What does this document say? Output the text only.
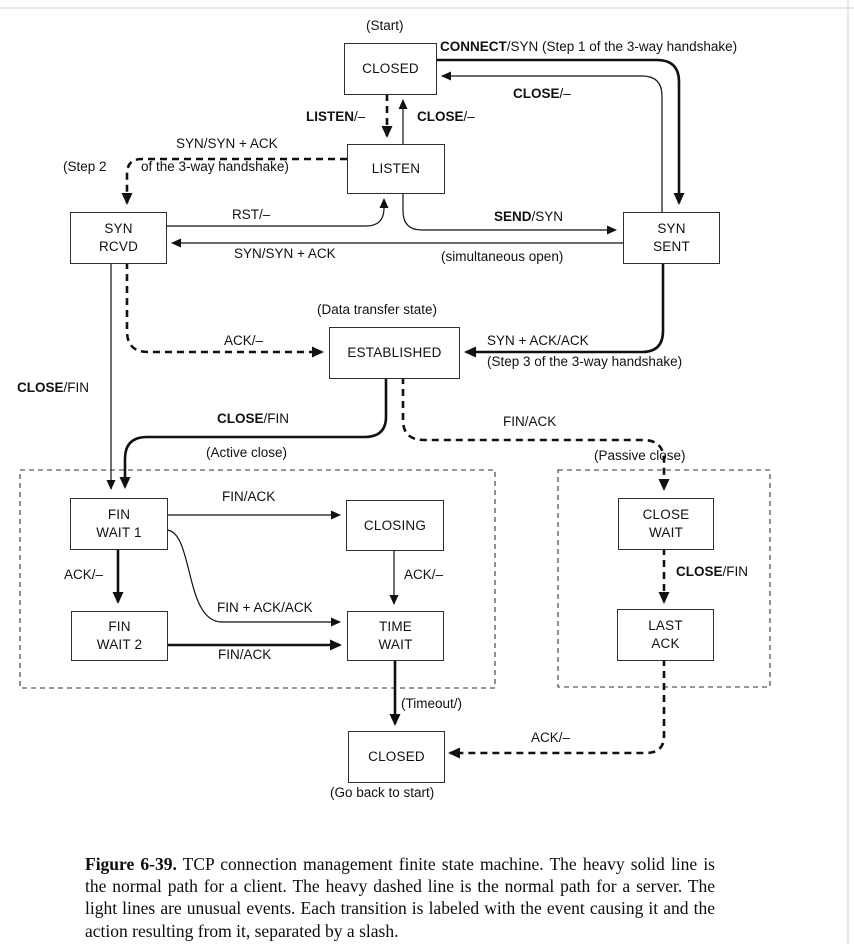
CLOSED
LISTEN
SYN
RCVD
SYN
SENT
ESTABLISHED
FIN
WAIT 1	CLOSING
CLOSE
WAIT
FIN
WAIT 2
TIME
WAIT
LAST
ACK
CLOSED
(Start)
CONNECT/SYN (Step 1 of the 3-way handshake)
CLOSE/–
LISTEN/–	CLOSE/–
SYN/SYN + ACK
(Step 2	of the 3-way handshake)
RST/–	SEND/SYN
SYN/SYN + ACK	(simultaneous open)
(Data transfer state)
ACK/–	SYN + ACK/ACK
(Step 3 of the 3-way handshake)
CLOSE/FIN
CLOSE/FIN	FIN/ACK
(Active close)	(Passive close)
FIN/ACK
ACK/–	ACK/–	CLOSE/FIN
FIN + ACK/ACK
FIN/ACK
(Timeout/)
ACK/–
(Go back to start)

Figure 6-39. TCP connection management finite state machine. The heavy solid line is the normal path for a client. The heavy dashed line is the normal path for a server. The light lines are unusual events. Each transition is labeled with the event causing it and the action resulting from it, separated by a slash.
